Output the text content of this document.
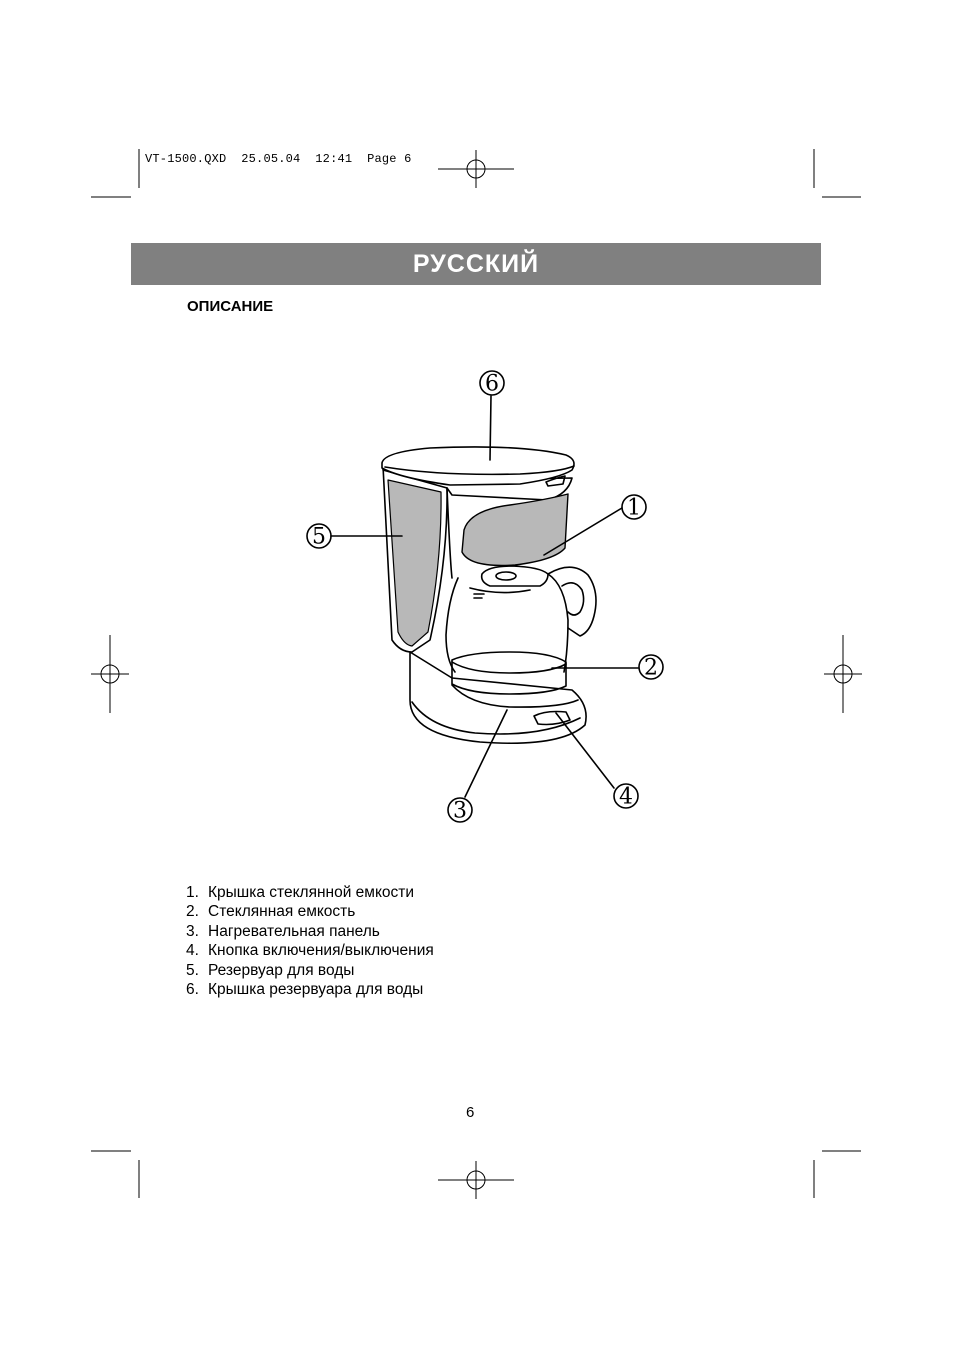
VT-1500.QXD 25.05.04 12:41 Page 6
РУССКИЙ
ОПИСАНИЕ
6
1
5
2
3
4
1. Крышка стеклянной емкости
2. Стеклянная емкость
3. Нагревательная панель
4. Кнопка включения/выключения
5. Резервуар для воды
6. Крышка резервуара для воды
6
